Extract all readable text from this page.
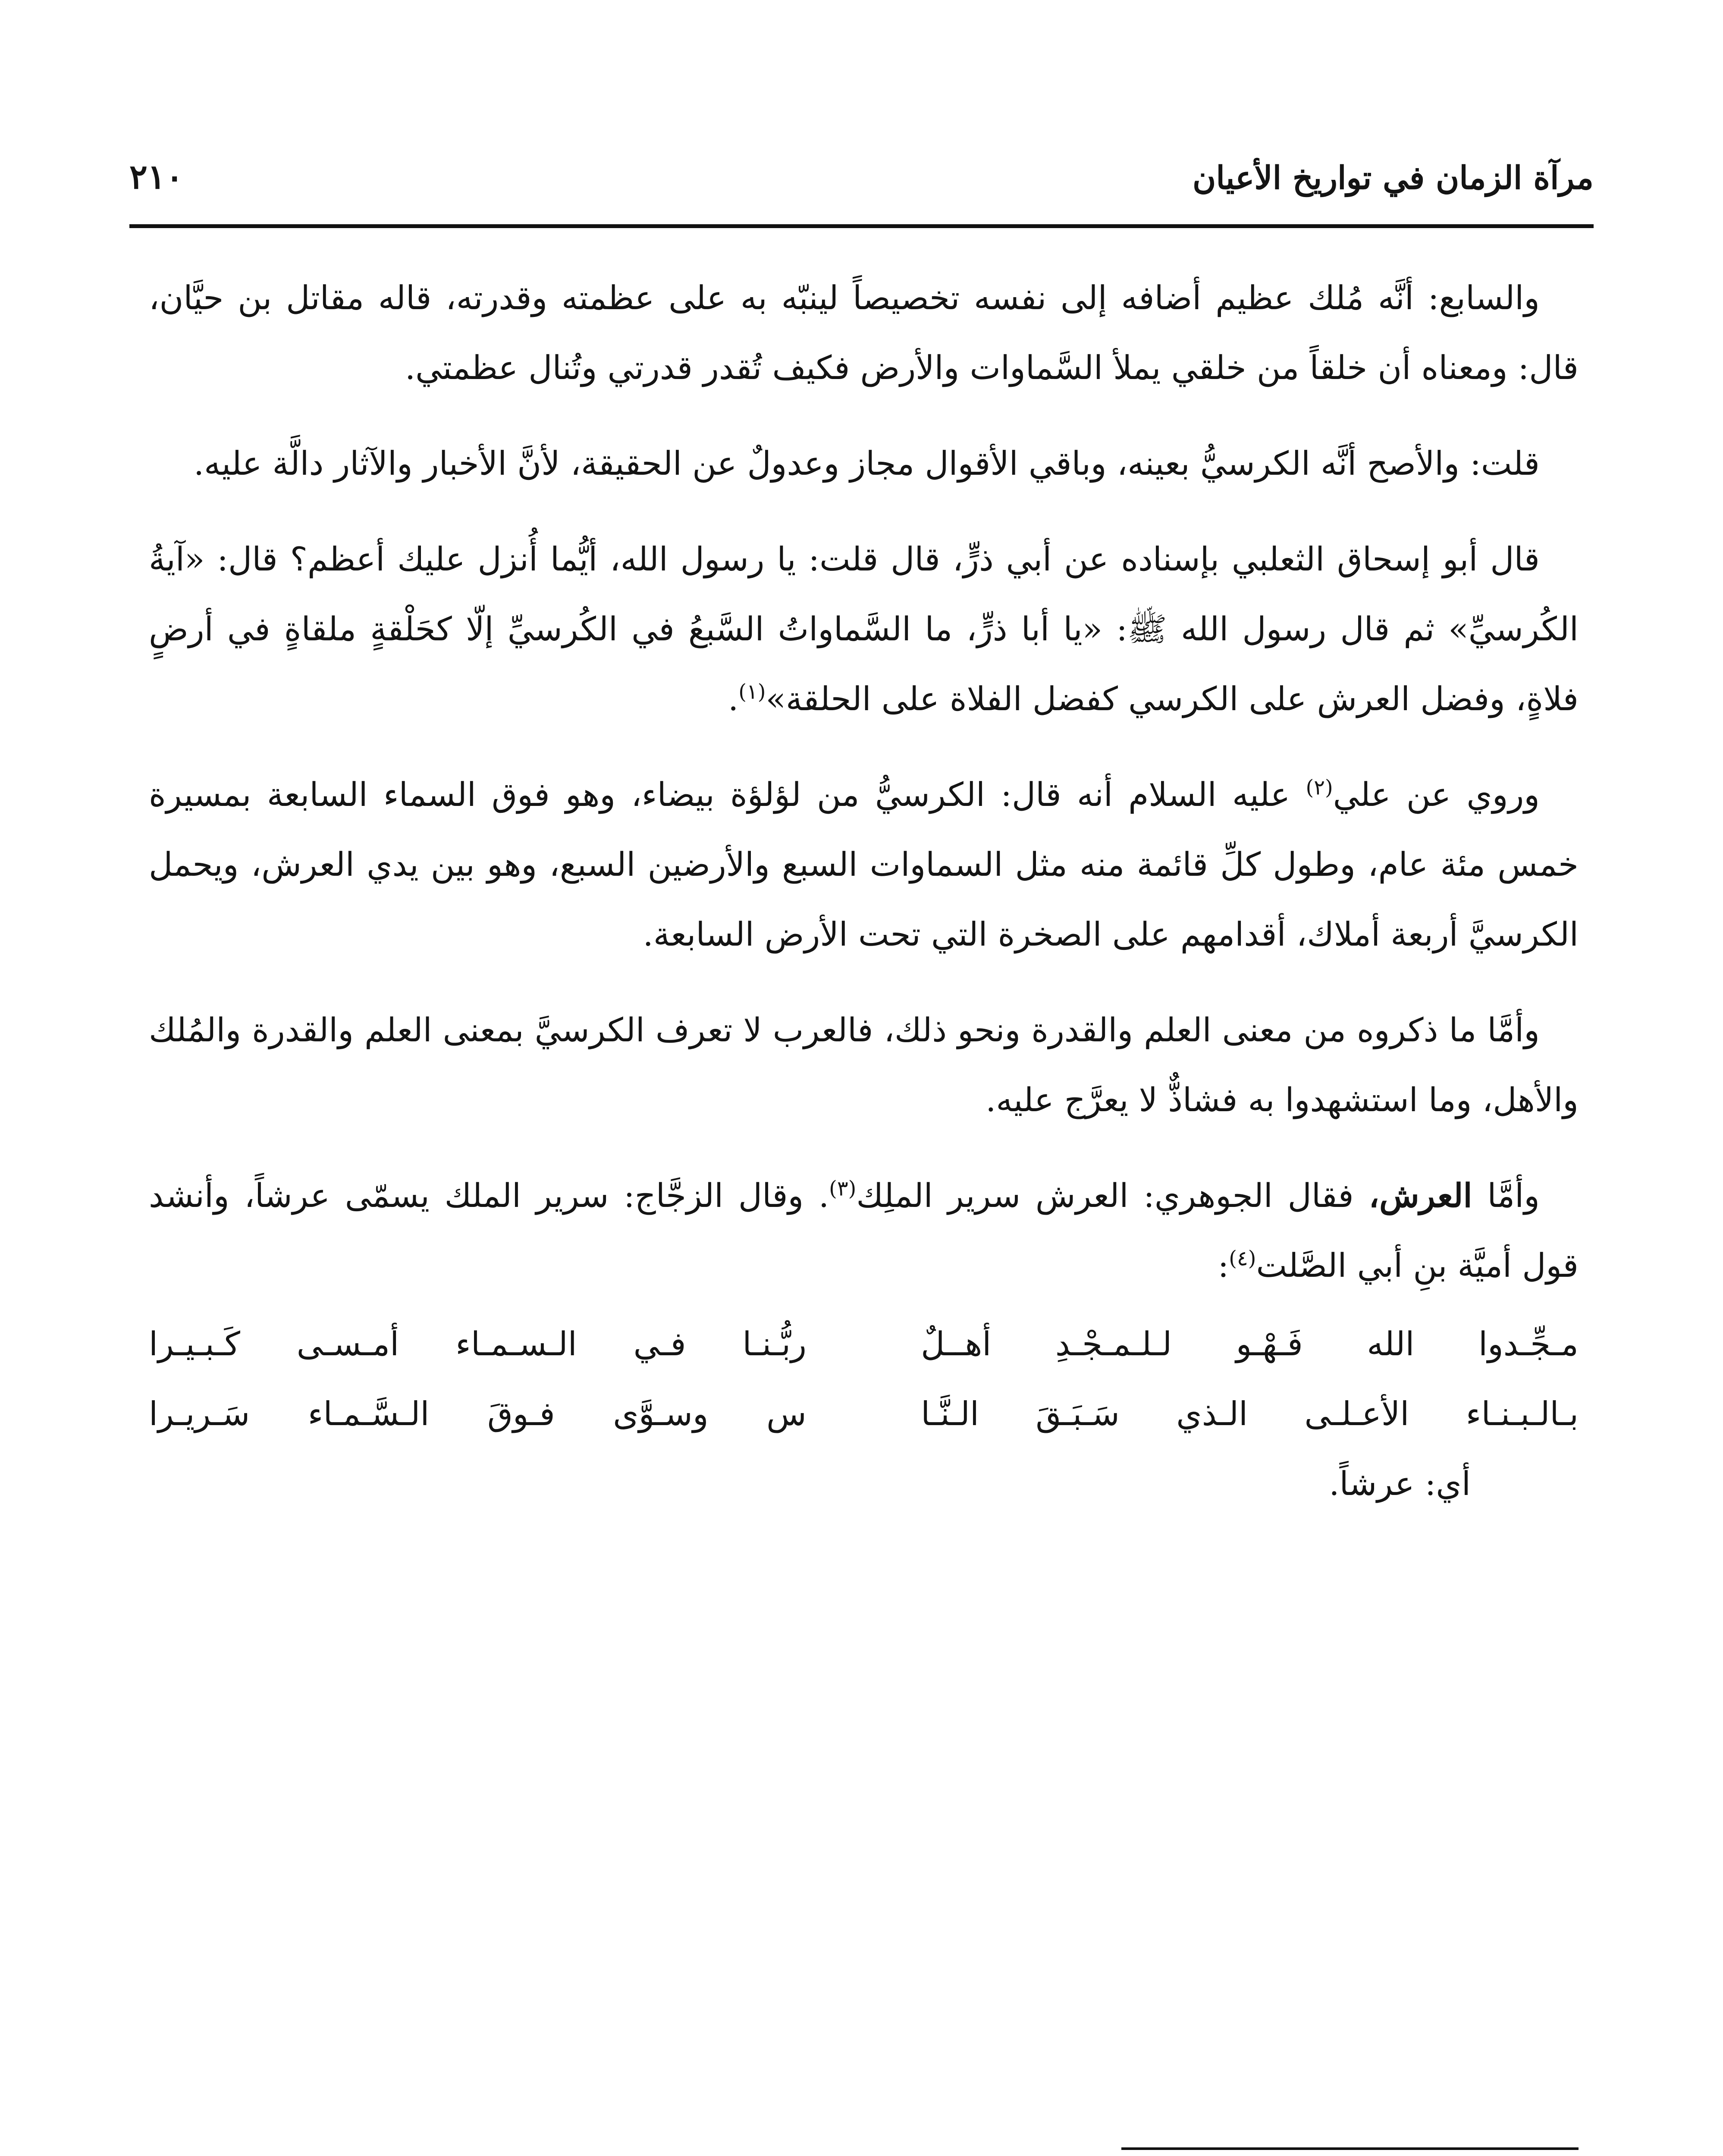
مرآة الزمان في تواريخ الأعيان
٢١٠

والسابع: أنَّه مُلك عظيم أضافه إلى نفسه تخصيصاً لينبّه به على عظمته وقدرته، قاله مقاتل بن حيَّان، قال: ومعناه أن خلقاً من خلقي يملأ السَّماوات والأرض فكيف تُقدر قدرتي وتُنال عظمتي.

قلت: والأصح أنَّه الكرسيُّ بعينه، وباقي الأقوال مجاز وعدولٌ عن الحقيقة، لأنَّ الأخبار والآثار دالَّة عليه.

قال أبو إسحاق الثعلبي بإسناده عن أبي ذرٍّ، قال قلت: يا رسول الله، أيُّما أُنزل عليك أعظم؟ قال: «آيةُ الكُرسيِّ» ثم قال رسول الله ﷺ: «يا أبا ذرٍّ، ما السَّماواتُ السَّبعُ في الكُرسيِّ إلّا كحَلْقةٍ ملقاةٍ في أرضٍ فلاةٍ، وفضل العرش على الكرسي كفضل الفلاة على الحلقة»$^{(١)}$.

وروي عن علي$^{(٢)}$ عليه السلام أنه قال: الكرسيُّ من لؤلؤة بيضاء، وهو فوق السماء السابعة بمسيرة خمس مئة عام، وطول كلِّ قائمة منه مثل السماوات السبع والأرضين السبع، وهو بين يدي العرش، ويحمل الكرسيَّ أربعة أملاك، أقدامهم على الصخرة التي تحت الأرض السابعة.

وأمَّا ما ذكروه من معنى العلم والقدرة ونحو ذلك، فالعرب لا تعرف الكرسيَّ بمعنى العلم والقدرة والمُلك والأهل، وما استشهدوا به فشاذٌّ لا يعرَّج عليه.

وأمَّا العرش، فقال الجوهري: العرش سرير الملِك$^{(٣)}$. وقال الزجَّاج: سرير الملك يسمّى عرشاً، وأنشد قول أميَّة بنِ أبي الصَّلت$^{(٤)}$:

مـجِّـدوا الله فَـهْـو لـلـمـجْـدِ أهــلٌ
ربُّـنـا فـي الـسـمـاء أمـسـى كَـبـيـرا
بـالـبـنـاء الأعـلـى الـذي سَـبَـقَ الـنَّـا
س وسـوَّى فـوقَ الـسَّـمـاء سَـريـرا

أي: عرشاً.
